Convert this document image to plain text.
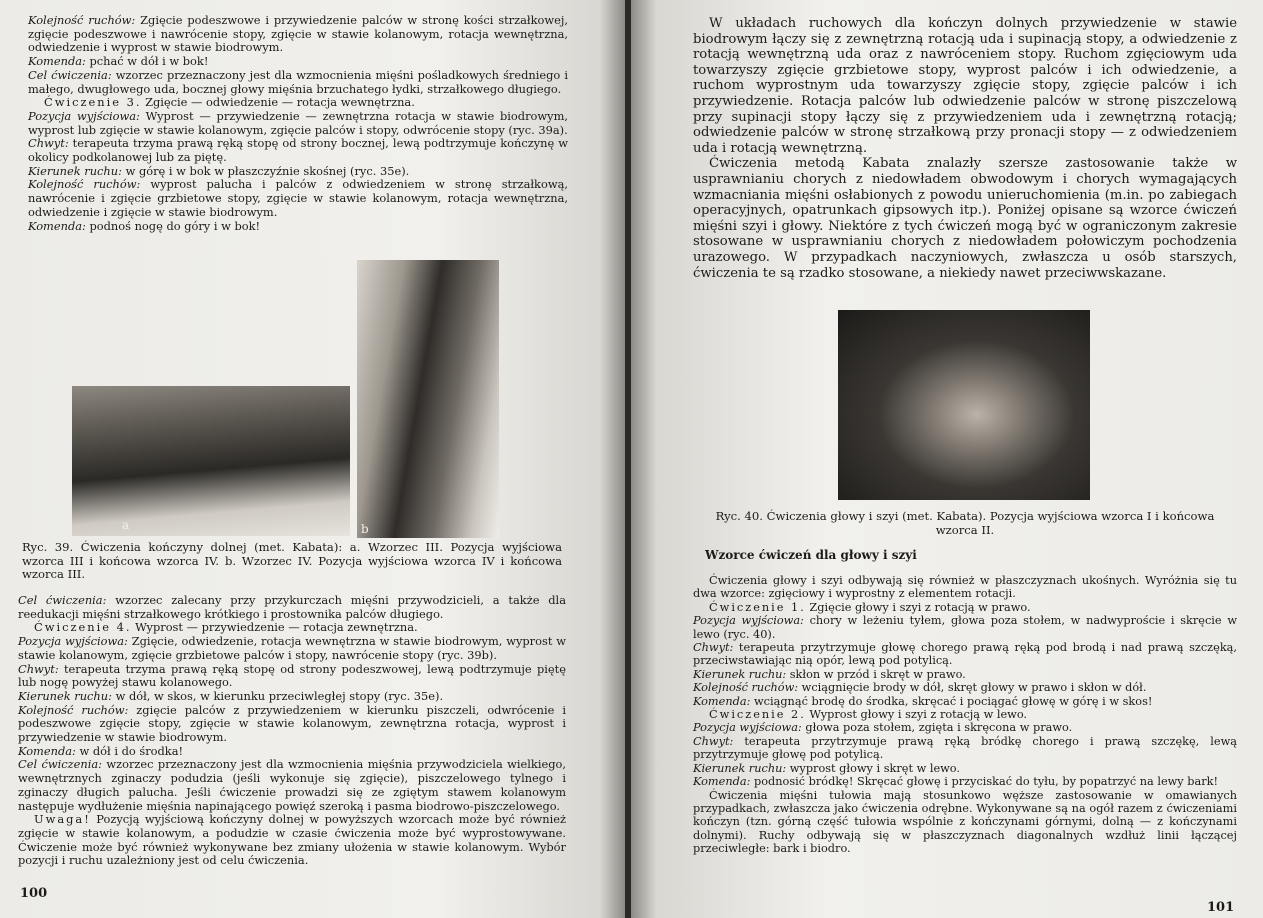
Kolejność ruchów: Zgięcie podeszwowe i przywiedzenie palców w stronę kości strzałkowej, zgięcie podeszwowe i nawrócenie stopy, zgięcie w stawie kolanowym, rotacja wewnętrzna, odwiedzenie i wyprost w stawie biodrowym.

Komenda: pchać w dół i w bok!

Cel ćwiczenia: wzorzec przeznaczony jest dla wzmocnienia mięśni pośladkowych średniego i małego, dwugłowego uda, bocznej głowy mięśnia brzuchatego łydki, strzałkowego długiego.

Ćwiczenie 3. Zgięcie — odwiedzenie — rotacja wewnętrzna.

Pozycja wyjściowa: Wyprost — przywiedzenie — zewnętrzna rotacja w stawie biodrowym, wyprost lub zgięcie w stawie kolanowym, zgięcie palców i stopy, odwrócenie stopy (ryc. 39a).

Chwyt: terapeuta trzyma prawą ręką stopę od strony bocznej, lewą podtrzymuje kończynę w okolicy podkolanowej lub za piętę.

Kierunek ruchu: w górę i w bok w płaszczyźnie skośnej (ryc. 35e).

Kolejność ruchów: wyprost palucha i palców z odwiedzeniem w stronę strzałkową, nawrócenie i zgięcie grzbietowe stopy, zgięcie w stawie kolanowym, rotacja wewnętrzna, odwiedzenie i zgięcie w stawie biodrowym.

Komenda: podnoś nogę do góry i w bok!

a	b

Ryc. 39. Ćwiczenia kończyny dolnej (met. Kabata): a. Wzorzec III. Pozycja wyjściowa wzorca III i końcowa wzorca IV. b. Wzorzec IV. Pozycja wyjściowa wzorca IV i końcowa wzorca III.

Cel ćwiczenia: wzorzec zalecany przy przykurczach mięśni przywodzicieli, a także dla reedukacji mięśni strzałkowego krótkiego i prostownika palców długiego.

Ćwiczenie 4. Wyprost — przywiedzenie — rotacja zewnętrzna.

Pozycja wyjściowa: Zgięcie, odwiedzenie, rotacja wewnętrzna w stawie biodrowym, wyprost w stawie kolanowym, zgięcie grzbietowe palców i stopy, nawrócenie stopy (ryc. 39b).

Chwyt: terapeuta trzyma prawą ręką stopę od strony podeszwowej, lewą podtrzymuje piętę lub nogę powyżej stawu kolanowego.

Kierunek ruchu: w dół, w skos, w kierunku przeciwległej stopy (ryc. 35e).

Kolejność ruchów: zgięcie palców z przywiedzeniem w kierunku piszczeli, odwrócenie i podeszwowe zgięcie stopy, zgięcie w stawie kolanowym, zewnętrzna rotacja, wyprost i przywiedzenie w stawie biodrowym.

Komenda: w dół i do środka!

Cel ćwiczenia: wzorzec przeznaczony jest dla wzmocnienia mięśnia przywodziciela wielkiego, wewnętrznych zginaczy podudzia (jeśli wykonuje się zgięcie), piszczelowego tylnego i zginaczy długich palucha. Jeśli ćwiczenie prowadzi się ze zgiętym stawem kolanowym następuje wydłużenie mięśnia napinającego powięź szeroką i pasma biodrowo-piszczelowego.

Uwaga! Pozycją wyjściową kończyny dolnej w powyższych wzorcach może być również zgięcie w stawie kolanowym, a podudzie w czasie ćwiczenia może być wyprostowywane. Ćwiczenie może być również wykonywane bez zmiany ułożenia w stawie kolanowym. Wybór pozycji i ruchu uzależniony jest od celu ćwiczenia.

100

W układach ruchowych dla kończyn dolnych przywiedzenie w stawie biodrowym łączy się z zewnętrzną rotacją uda i supinacją stopy, a odwiedzenie z rotacją wewnętrzną uda oraz z nawróceniem stopy. Ruchom zgięciowym uda towarzyszy zgięcie grzbietowe stopy, wyprost palców i ich odwiedzenie, a ruchom wyprostnym uda towarzyszy zgięcie stopy, zgięcie palców i ich przywiedzenie. Rotacja palców lub odwiedzenie palców w stronę piszczelową przy supinacji stopy łączy się z przywiedzeniem uda i zewnętrzną rotacją; odwiedzenie palców w stronę strzałkową przy pronacji stopy — z odwiedzeniem uda i rotacją wewnętrzną.

Ćwiczenia metodą Kabata znalazły szersze zastosowanie także w usprawnianiu chorych z niedowładem obwodowym i chorych wymagających wzmacniania mięśni osłabionych z powodu unieruchomienia (m.in. po zabiegach operacyjnych, opatrunkach gipsowych itp.). Poniżej opisane są wzorce ćwiczeń mięśni szyi i głowy. Niektóre z tych ćwiczeń mogą być w ograniczonym zakresie stosowane w usprawnianiu chorych z niedowładem połowiczym pochodzenia urazowego. W przypadkach naczyniowych, zwłaszcza u osób starszych, ćwiczenia te są rzadko stosowane, a niekiedy nawet przeciwwskazane.

Ryc. 40. Ćwiczenia głowy i szyi (met. Kabata). Pozycja wyjściowa wzorca I i końcowa wzorca II.

Wzorce ćwiczeń dla głowy i szyi

Ćwiczenia głowy i szyi odbywają się również w płaszczyznach ukośnych. Wyróżnia się tu dwa wzorce: zgięciowy i wyprostny z elementem rotacji.

Ćwiczenie 1. Zgięcie głowy i szyi z rotacją w prawo.

Pozycja wyjściowa: chory w leżeniu tyłem, głowa poza stołem, w nadwyproście i skręcie w lewo (ryc. 40).

Chwyt: terapeuta przytrzymuje głowę chorego prawą ręką pod brodą i nad prawą szczęką, przeciwstawiając nią opór, lewą pod potylicą.

Kierunek ruchu: skłon w przód i skręt w prawo.

Kolejność ruchów: wciągnięcie brody w dół, skręt głowy w prawo i skłon w dół.

Komenda: wciągnąć brodę do środka, skręcać i pociągać głowę w górę i w skos!

Ćwiczenie 2. Wyprost głowy i szyi z rotacją w lewo.

Pozycja wyjściowa: głowa poza stołem, zgięta i skręcona w prawo.

Chwyt: terapeuta przytrzymuje prawą ręką bródkę chorego i prawą szczękę, lewą przytrzymuje głowę pod potylicą.

Kierunek ruchu: wyprost głowy i skręt w lewo.

Komenda: podnosić bródkę! Skręcać głowę i przyciskać do tyłu, by popatrzyć na lewy bark!

Ćwiczenia mięśni tułowia mają stosunkowo węższe zastosowanie w omawianych przypadkach, zwłaszcza jako ćwiczenia odrębne. Wykonywane są na ogół razem z ćwiczeniami kończyn (tzn. górną część tułowia wspólnie z kończynami górnymi, dolną — z kończynami dolnymi). Ruchy odbywają się w płaszczyznach diagonalnych wzdłuż linii łączącej przeciwległe: bark i biodro.

101
